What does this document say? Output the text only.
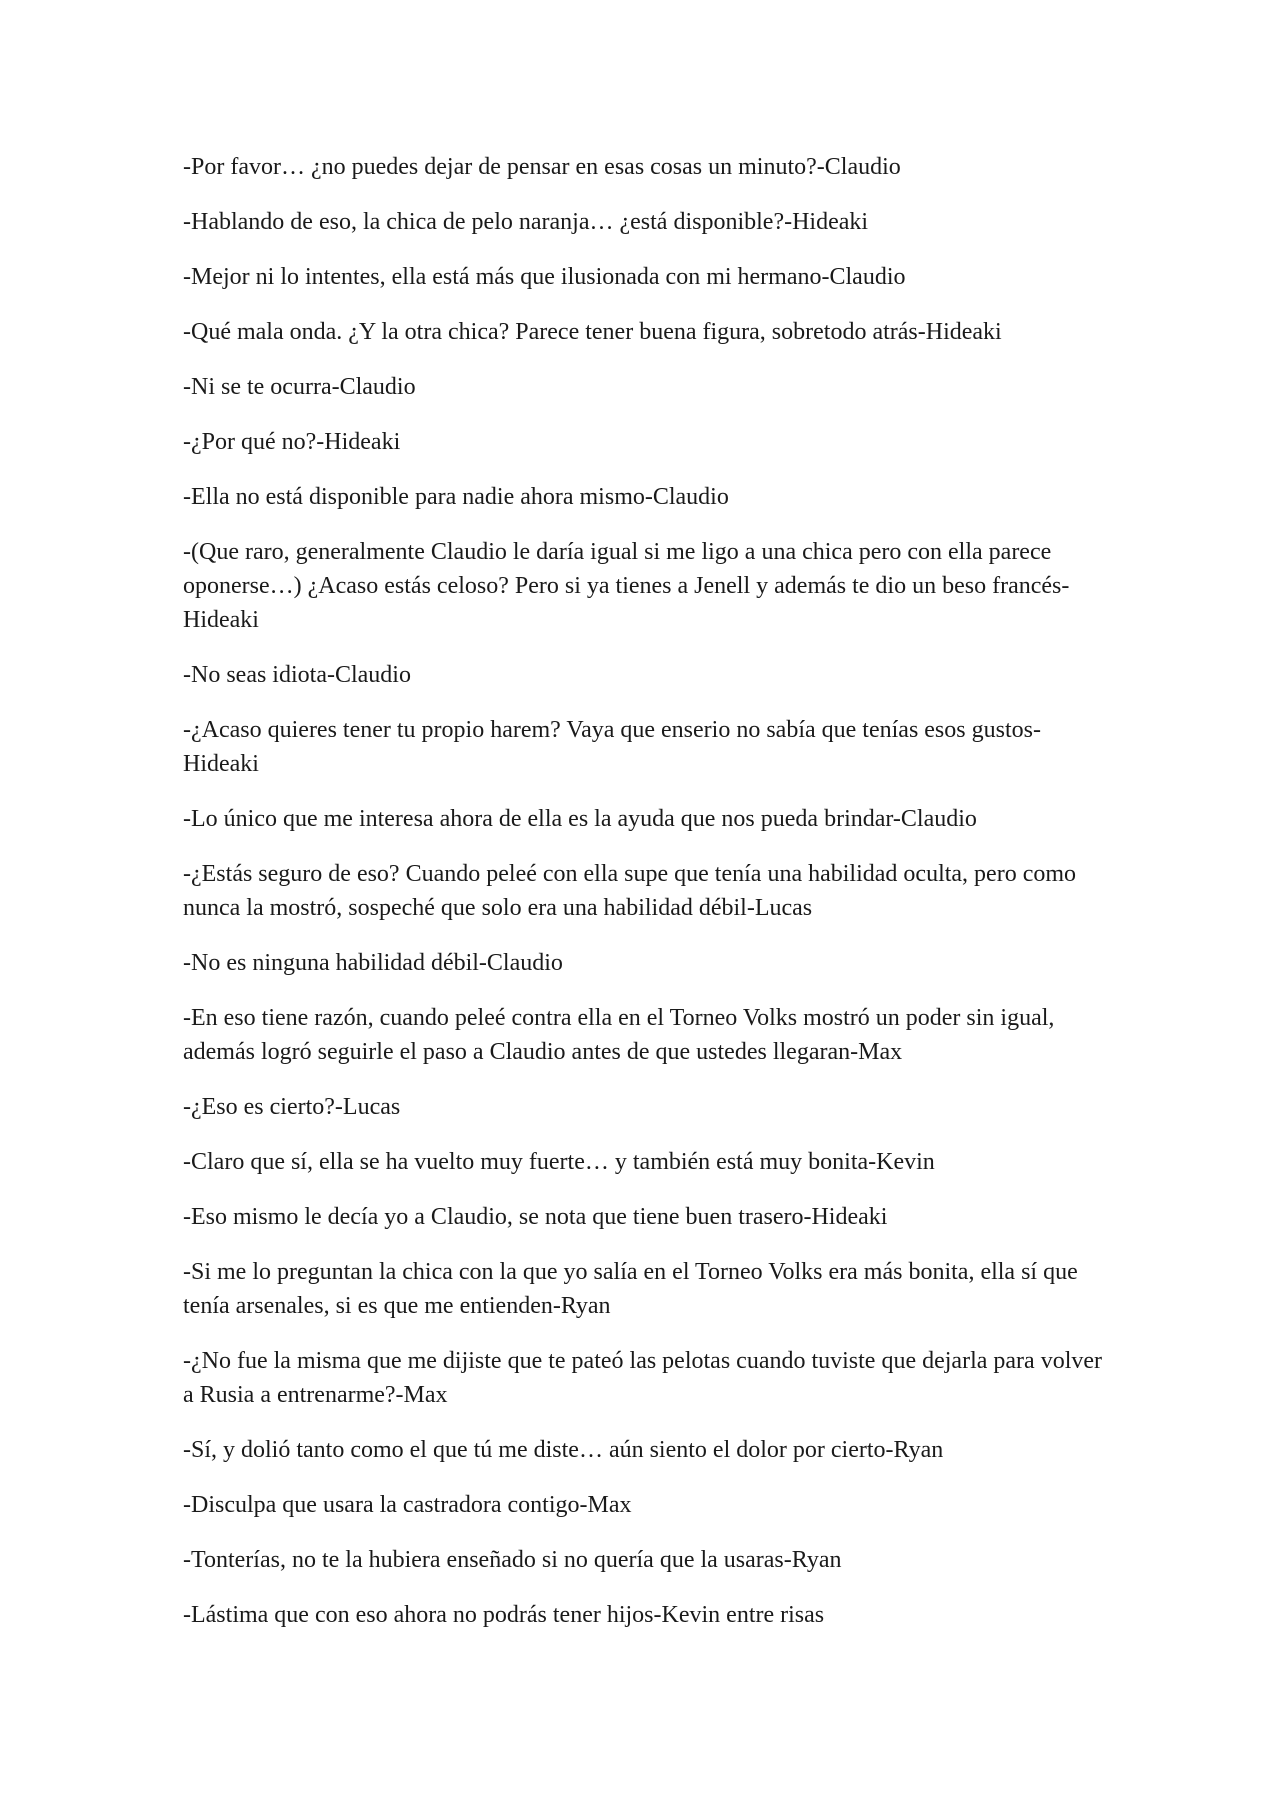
-Por favor… ¿no puedes dejar de pensar en esas cosas un minuto?-Claudio

-Hablando de eso, la chica de pelo naranja… ¿está disponible?-Hideaki

-Mejor ni lo intentes, ella está más que ilusionada con mi hermano-Claudio

-Qué mala onda. ¿Y la otra chica? Parece tener buena figura, sobretodo atrás-Hideaki

-Ni se te ocurra-Claudio

-¿Por qué no?-Hideaki

-Ella no está disponible para nadie ahora mismo-Claudio

-(Que raro, generalmente Claudio le daría igual si me ligo a una chica pero con ella parece oponerse…) ¿Acaso estás celoso? Pero si ya tienes a Jenell y además te dio un beso francés-Hideaki

-No seas idiota-Claudio

-¿Acaso quieres tener tu propio harem? Vaya que enserio no sabía que tenías esos gustos-Hideaki

-Lo único que me interesa ahora de ella es la ayuda que nos pueda brindar-Claudio

-¿Estás seguro de eso? Cuando peleé con ella supe que tenía una habilidad oculta, pero como nunca la mostró, sospeché que solo era una habilidad débil-Lucas

-No es ninguna habilidad débil-Claudio

-En eso tiene razón, cuando peleé contra ella en el Torneo Volks mostró un poder sin igual, además logró seguirle el paso a Claudio antes de que ustedes llegaran-Max

-¿Eso es cierto?-Lucas

-Claro que sí, ella se ha vuelto muy fuerte… y también está muy bonita-Kevin

-Eso mismo le decía yo a Claudio, se nota que tiene buen trasero-Hideaki

-Si me lo preguntan la chica con la que yo salía en el Torneo Volks era más bonita, ella sí que tenía arsenales, si es que me entienden-Ryan

-¿No fue la misma que me dijiste que te pateó las pelotas cuando tuviste que dejarla para volver a Rusia a entrenarme?-Max

-Sí, y dolió tanto como el que tú me diste… aún siento el dolor por cierto-Ryan

-Disculpa que usara la castradora contigo-Max

-Tonterías, no te la hubiera enseñado si no quería que la usaras-Ryan

-Lástima que con eso ahora no podrás tener hijos-Kevin entre risas
